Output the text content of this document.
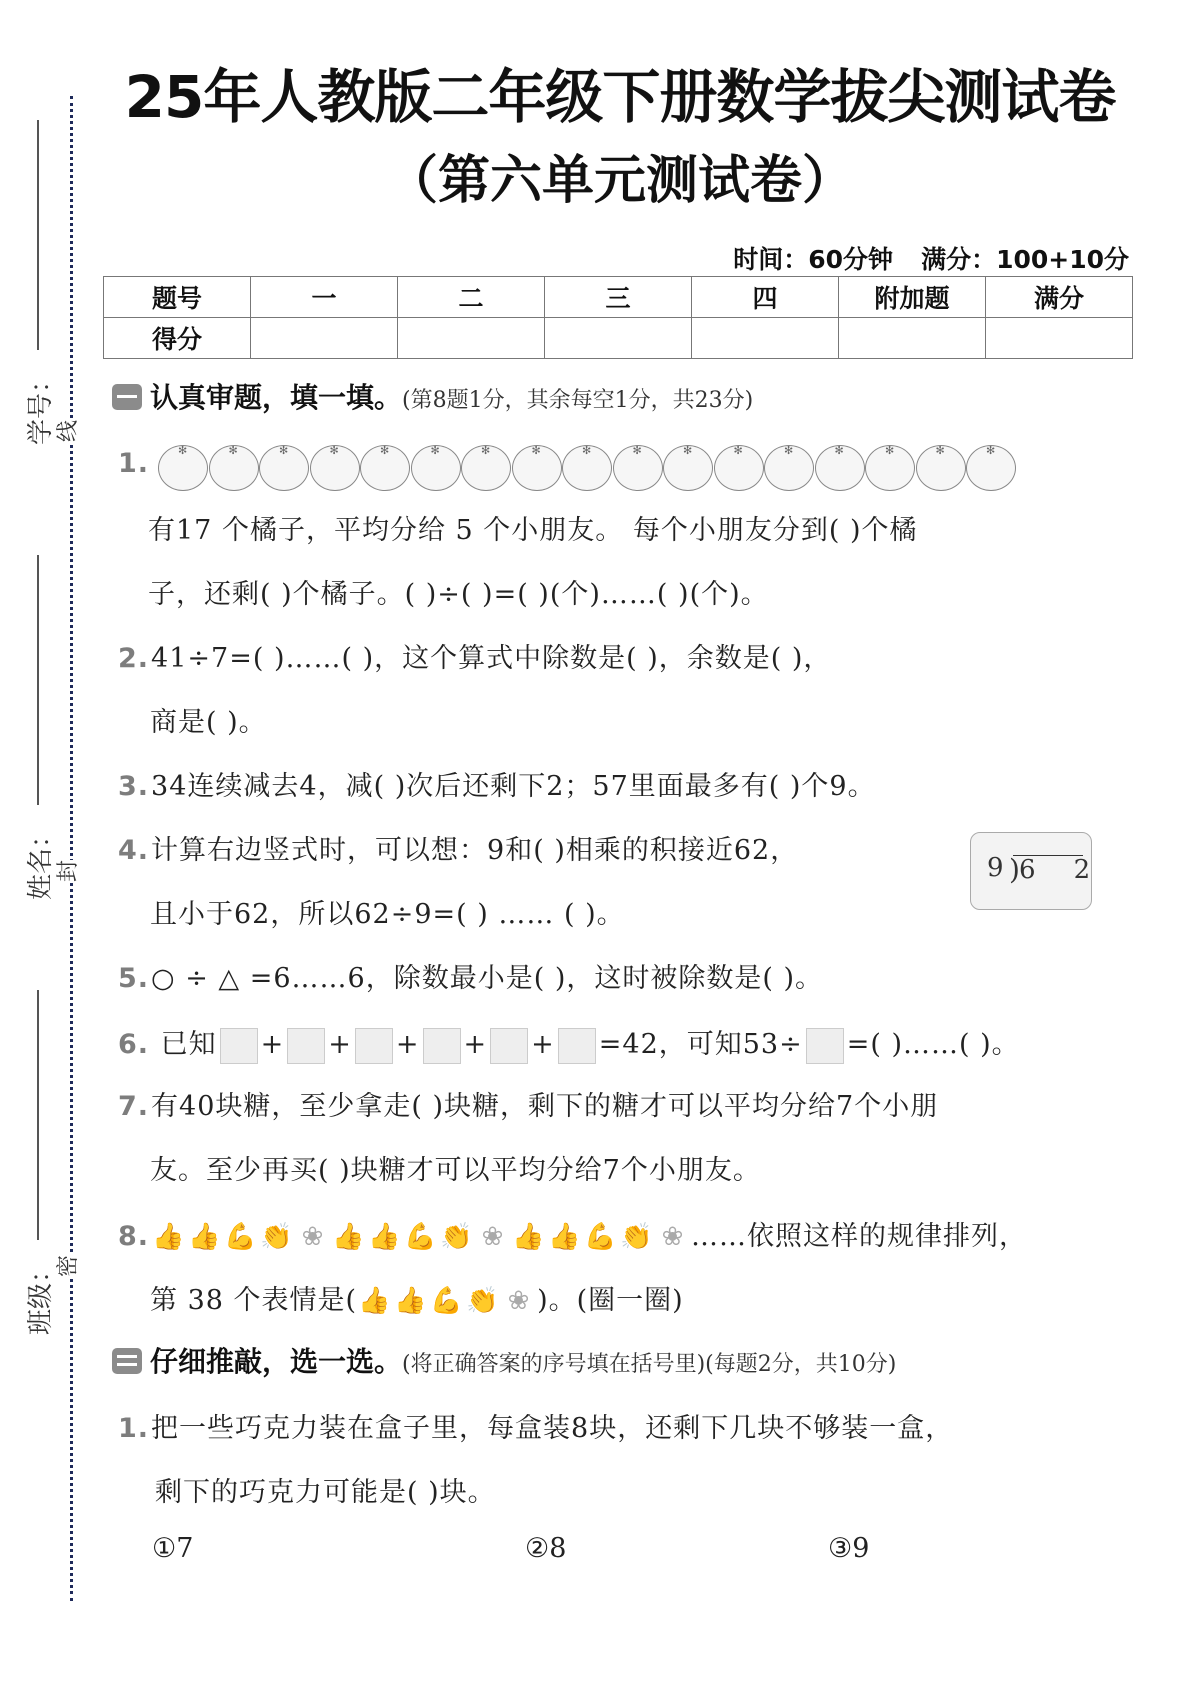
学号：
姓名：
班级：
线
封
密
25年人教版二年级下册数学拔尖测试卷
（第六单元测试卷）
时间：60分钟 满分：100+10分
题号	一	二	三	四	附加题	满分
得分						
认真审题，填一填。(第8题1分，其余每空1分，共23分)
1.
✻
✻
✻
✻
✻
✻
✻
✻
✻
✻
✻
✻
✻
✻
✻
✻
✻
有17 个橘子，平均分给 5 个小朋友。 每个小朋友分到( )个橘
子，还剩( )个橘子。( )÷( )=( )(个)……( )(个)。
2.41÷7=( )……( )，这个算式中除数是( )，余数是( )，
商是( )。
3.34连续减去4，减( )次后还剩下2；57里面最多有( )个9。
4.计算右边竖式时，可以想：9和( )相乘的积接近62，
且小于62，所以62÷9=( ) …… ( )。
9 ) 6    2
5.○ ÷ △ =6……6，除数最小是( )，这时被除数是( )。
6. 已知 + + + + + =42，可知53÷ =( )……( )。
7.有40块糖，至少拿走( )块糖，剩下的糖才可以平均分给7个小朋
友。至少再买( )块糖才可以平均分给7个小朋友。
8. 👍 👍 💪 👏 ❀ 👍 👍 💪 👏 ❀ 👍 👍 💪 👏 ❀ ……依照这样的规律排列，
第 38 个表情是(👍 👍 💪 👏 ❀ )。(圈一圈)
仔细推敲，选一选。(将正确答案的序号填在括号里)(每题2分，共10分)
1.把一些巧克力装在盒子里，每盒装8块，还剩下几块不够装一盒，
剩下的巧克力可能是( )块。
①7	②8	③9
